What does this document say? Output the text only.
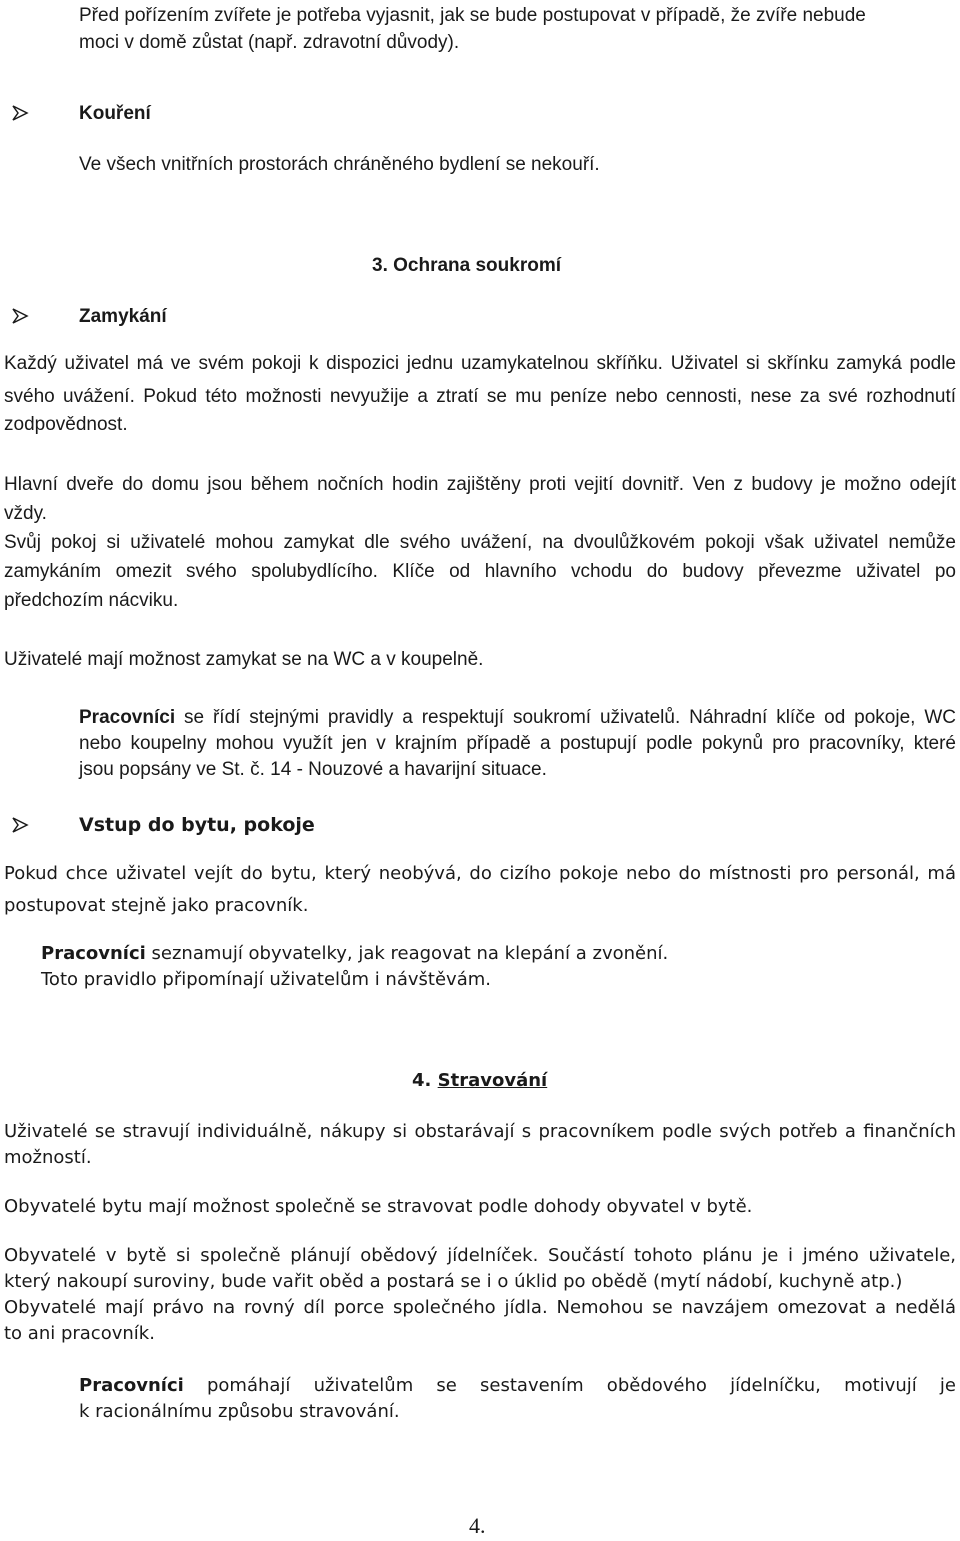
Před pořízením zvířete je potřeba vyjasnit, jak se bude postupovat v případě, že zvíře nebude
moci v domě zůstat (např. zdravotní důvody).
Kouření
Ve všech vnitřních prostorách chráněného bydlení se nekouří.
3. Ochrana soukromí
Zamykání
Každý uživatel má ve svém pokoji k dispozici jednu uzamykatelnou skříňku. Uživatel si skřínku zamyká podle
svého uvážení. Pokud této možnosti nevyužije a ztratí se mu peníze nebo cennosti, nese za své rozhodnutí
zodpovědnost.
Hlavní dveře do domu jsou během nočních hodin zajištěny proti vejití dovnitř. Ven z budovy je možno odejít
vždy.
Svůj pokoj si uživatelé mohou zamykat dle svého uvážení, na dvoulůžkovém pokoji však uživatel nemůže
zamykáním omezit svého spolubydlícího. Klíče od hlavního vchodu do budovy převezme uživatel po
předchozím nácviku.
Uživatelé mají možnost zamykat se na WC a v koupelně.
Pracovníci se řídí stejnými pravidly a respektují soukromí uživatelů. Náhradní klíče od pokoje, WC
nebo koupelny mohou využít jen v krajním případě a postupují podle pokynů pro pracovníky, které
jsou popsány ve St. č. 14 - Nouzové a havarijní situace.
Vstup do bytu, pokoje
Pokud chce uživatel vejít do bytu, který neobývá, do cizího pokoje nebo do místnosti pro personál, má
postupovat stejně jako pracovník.
Pracovníci seznamují obyvatelky, jak reagovat na klepání a zvonění.
Toto pravidlo připomínají uživatelům i návštěvám.
4. Stravování
Uživatelé se stravují individuálně, nákupy si obstarávají s pracovníkem podle svých potřeb a finančních
možností.
Obyvatelé bytu mají možnost společně se stravovat podle dohody obyvatel v bytě.
Obyvatelé v bytě si společně plánují obědový jídelníček. Součástí tohoto plánu je i jméno uživatele,
který nakoupí suroviny, bude vařit oběd a postará se i o úklid po obědě (mytí nádobí, kuchyně atp.)
Obyvatelé mají právo na rovný díl porce společného jídla. Nemohou se navzájem omezovat a nedělá
to ani pracovník.
Pracovníci pomáhají uživatelům se sestavením obědového jídelníčku, motivují je
k racionálnímu způsobu stravování.
4.
